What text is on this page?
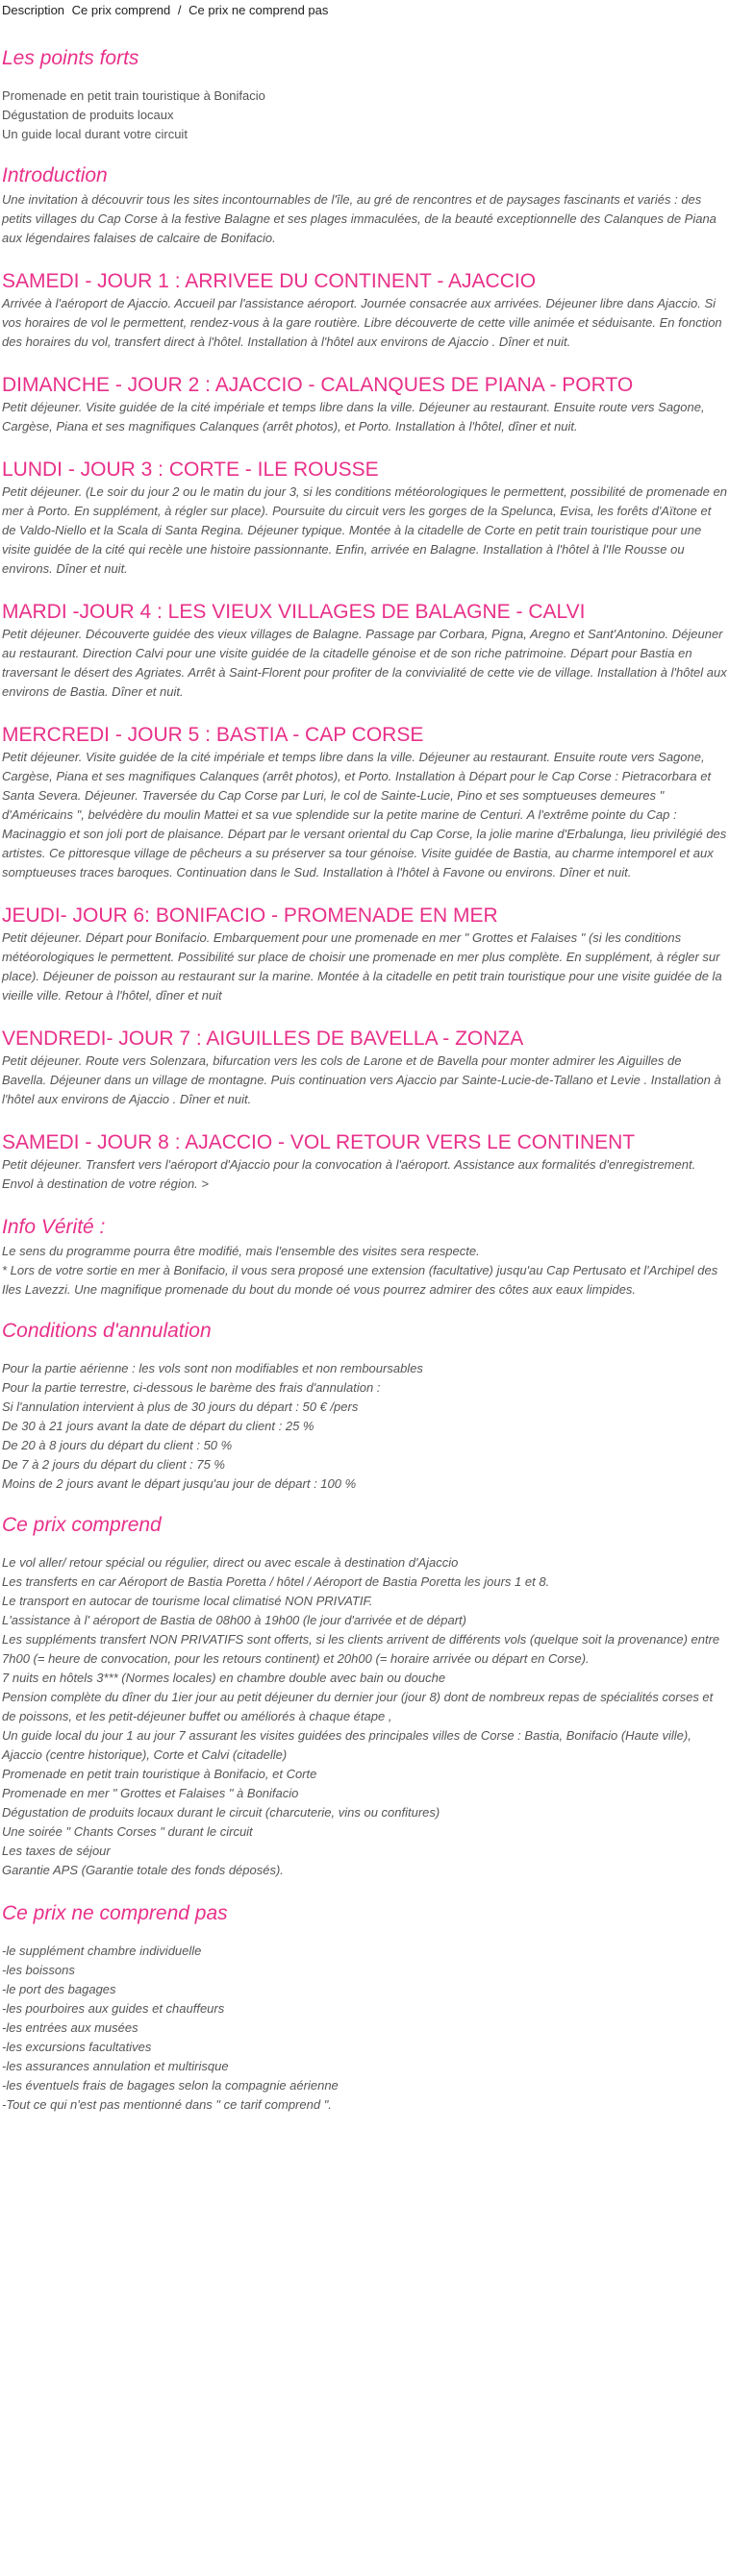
Description Ce prix comprend / Ce prix ne comprend pas
Les points forts
Promenade en petit train touristique à Bonifacio
Dégustation de produits locaux
Un guide local durant votre circuit
Introduction

Une invitation à découvrir tous les sites incontournables de l'île, au gré de rencontres et de paysages fascinants et variés : des petits villages du Cap Corse à la festive Balagne et ses plages immaculées, de la beauté exceptionnelle des Calanques de Piana aux légendaires falaises de calcaire de Bonifacio.

SAMEDI - JOUR 1 : ARRIVEE DU CONTINENT - AJACCIO

Arrivée à l'aéroport de Ajaccio. Accueil par l'assistance aéroport. Journée consacrée aux arrivées. Déjeuner libre dans Ajaccio. Si vos horaires de vol le permettent, rendez-vous à la gare routière. Libre découverte de cette ville animée et séduisante. En fonction des horaires du vol, transfert direct à l'hôtel. Installation à l'hôtel aux environs de Ajaccio . Dîner et nuit.

DIMANCHE - JOUR 2 : AJACCIO - CALANQUES DE PIANA - PORTO

Petit déjeuner. Visite guidée de la cité impériale et temps libre dans la ville. Déjeuner au restaurant. Ensuite route vers Sagone, Cargèse, Piana et ses magnifiques Calanques (arrêt photos), et Porto. Installation à l'hôtel, dîner et nuit.

LUNDI - JOUR 3 : CORTE - ILE ROUSSE

Petit déjeuner. (Le soir du jour 2 ou le matin du jour 3, si les conditions météorologiques le permettent, possibilité de promenade en mer à Porto. En supplément, à régler sur place). Poursuite du circuit vers les gorges de la Spelunca, Evisa, les forêts d'Aïtone et de Valdo-Niello et la Scala di Santa Regina. Déjeuner typique. Montée à la citadelle de Corte en petit train touristique pour une visite guidée de la cité qui recèle une histoire passionnante. Enfin, arrivée en Balagne. Installation à l'hôtel à l'Ile Rousse ou environs. Dîner et nuit.

MARDI -JOUR 4 : LES VIEUX VILLAGES DE BALAGNE - CALVI

Petit déjeuner. Découverte guidée des vieux villages de Balagne. Passage par Corbara, Pigna, Aregno et Sant'Antonino. Déjeuner au restaurant. Direction Calvi pour une visite guidée de la citadelle génoise et de son riche patrimoine. Départ pour Bastia en traversant le désert des Agriates. Arrêt à Saint-Florent pour profiter de la convivialité de cette vie de village. Installation à l'hôtel aux environs de Bastia. Dîner et nuit.

MERCREDI - JOUR 5 : BASTIA - CAP CORSE

Petit déjeuner. Visite guidée de la cité impériale et temps libre dans la ville. Déjeuner au restaurant. Ensuite route vers Sagone, Cargèse, Piana et ses magnifiques Calanques (arrêt photos), et Porto. Installation à Départ pour le Cap Corse : Pietracorbara et Santa Severa. Déjeuner. Traversée du Cap Corse par Luri, le col de Sainte-Lucie, Pino et ses somptueuses demeures " d'Américains ", belvédère du moulin Mattei et sa vue splendide sur la petite marine de Centuri. A l'extrême pointe du Cap : Macinaggio et son joli port de plaisance. Départ par le versant oriental du Cap Corse, la jolie marine d'Erbalunga, lieu privilégié des artistes. Ce pittoresque village de pêcheurs a su préserver sa tour génoise. Visite guidée de Bastia, au charme intemporel et aux somptueuses traces baroques. Continuation dans le Sud. Installation à l'hôtel à Favone ou environs. Dîner et nuit.

JEUDI- JOUR 6: BONIFACIO - PROMENADE EN MER

Petit déjeuner. Départ pour Bonifacio. Embarquement pour une promenade en mer " Grottes et Falaises " (si les conditions météorologiques le permettent. Possibilité sur place de choisir une promenade en mer plus complète. En supplément, à régler sur place). Déjeuner de poisson au restaurant sur la marine. Montée à la citadelle en petit train touristique pour une visite guidée de la vieille ville. Retour à l'hôtel, dîner et nuit

VENDREDI- JOUR 7 : AIGUILLES DE BAVELLA - ZONZA

Petit déjeuner. Route vers Solenzara, bifurcation vers les cols de Larone et de Bavella pour monter admirer les Aiguilles de Bavella. Déjeuner dans un village de montagne. Puis continuation vers Ajaccio par Sainte-Lucie-de-Tallano et Levie . Installation à l'hôtel aux environs de Ajaccio . Dîner et nuit.

SAMEDI - JOUR 8 : AJACCIO - VOL RETOUR VERS LE CONTINENT

Petit déjeuner. Transfert vers l'aéroport d'Ajaccio pour la convocation à l'aéroport. Assistance aux formalités d'enregistrement. Envol à destination de votre région. >

Info Vérité :

Le sens du programme pourra être modifié, mais l'ensemble des visites sera respecte.

* Lors de votre sortie en mer à Bonifacio, il vous sera proposé une extension (facultative) jusqu'au Cap Pertusato et l'Archipel des Iles Lavezzi. Une magnifique promenade du bout du monde oé vous pourrez admirer des côtes aux eaux limpides.

Conditions d'annulation
Pour la partie aérienne : les vols sont non modifiables et non remboursables
Pour la partie terrestre, ci-dessous le barème des frais d'annulation :
Si l'annulation intervient à plus de 30 jours du départ : 50 € /pers
De 30 à 21 jours avant la date de départ du client : 25 %
De 20 à 8 jours du départ du client : 50 %
De 7 à 2 jours du départ du client : 75 %
Moins de 2 jours avant le départ jusqu'au jour de départ : 100 %
Ce prix comprend
Le vol aller/ retour spécial ou régulier, direct ou avec escale à destination d'Ajaccio
Les transferts en car Aéroport de Bastia Poretta / hôtel / Aéroport de Bastia Poretta les jours 1 et 8.
Le transport en autocar de tourisme local climatisé NON PRIVATIF.
L'assistance à l' aéroport de Bastia de 08h00 à 19h00 (le jour d'arrivée et de départ)
Les suppléments transfert NON PRIVATIFS sont offerts, si les clients arrivent de différents vols (quelque soit la provenance) entre 7h00 (= heure de convocation, pour les retours continent) et 20h00 (= horaire arrivée ou départ en Corse).
7 nuits en hôtels 3*** (Normes locales) en chambre double avec bain ou douche
Pension complète du dîner du 1ier jour au petit déjeuner du dernier jour (jour 8) dont de nombreux repas de spécialités corses et de poissons, et les petit-déjeuner buffet ou améliorés à chaque étape ,
Un guide local du jour 1 au jour 7 assurant les visites guidées des principales villes de Corse : Bastia, Bonifacio (Haute ville), Ajaccio (centre historique), Corte et Calvi (citadelle)
Promenade en petit train touristique à Bonifacio, et Corte
Promenade en mer " Grottes et Falaises " à Bonifacio
Dégustation de produits locaux durant le circuit (charcuterie, vins ou confitures)
Une soirée " Chants Corses " durant le circuit
Les taxes de séjour
Garantie APS (Garantie totale des fonds déposés).
Ce prix ne comprend pas
-le supplément chambre individuelle
-les boissons
-le port des bagages
-les pourboires aux guides et chauffeurs
-les entrées aux musées
-les excursions facultatives
-les assurances annulation et multirisque
-les éventuels frais de bagages selon la compagnie aérienne
-Tout ce qui n'est pas mentionné dans " ce tarif comprend ".
